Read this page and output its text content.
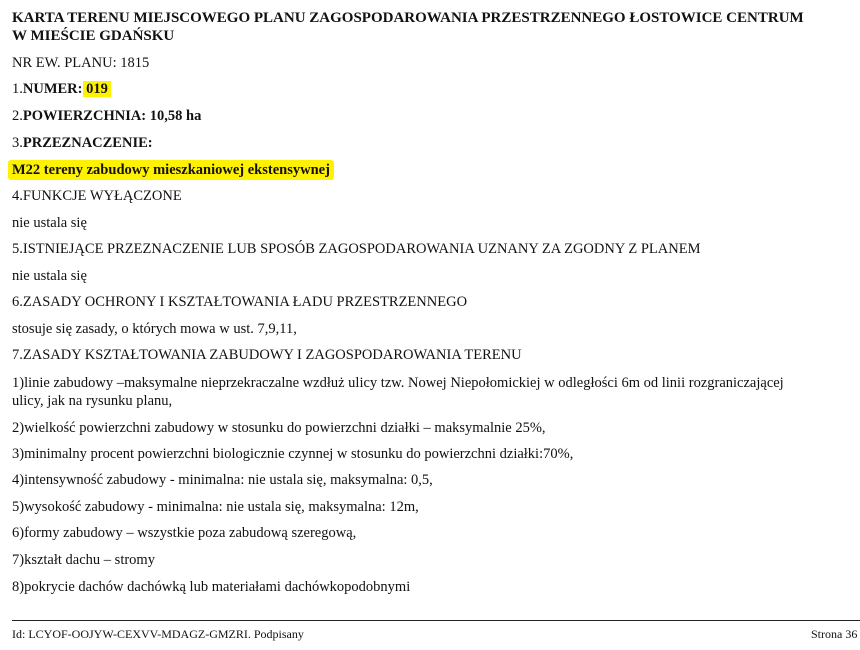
KARTA TERENU MIEJSCOWEGO PLANU ZAGOSPODAROWANIA PRZESTRZENNEGO ŁOSTOWICE CENTRUM
W MIEŚCIE GDAŃSKU
NR EW. PLANU: 1815
1.NUMER: 019
2.POWIERZCHNIA: 10,58 ha
3.PRZEZNACZENIE:
M22 tereny zabudowy mieszkaniowej ekstensywnej
4.FUNKCJE WYŁĄCZONE
nie ustala się
5.ISTNIEJĄCE PRZEZNACZENIE LUB SPOSÓB ZAGOSPODAROWANIA UZNANY ZA ZGODNY Z PLANEM
nie ustala się
6.ZASADY OCHRONY I KSZTAŁTOWANIA ŁADU PRZESTRZENNEGO
stosuje się zasady, o których mowa w ust. 7,9,11,
7.ZASADY KSZTAŁTOWANIA ZABUDOWY I ZAGOSPODAROWANIA TERENU
1)linie zabudowy –maksymalne nieprzekraczalne wzdłuż ulicy tzw. Nowej Niepołomickiej w odległości 6m od linii rozgraniczającej
ulicy, jak na rysunku planu,
2)wielkość powierzchni zabudowy w stosunku do powierzchni działki – maksymalnie 25%,
3)minimalny procent powierzchni biologicznie czynnej w stosunku do powierzchni działki:70%,
4)intensywność zabudowy - minimalna: nie ustala się, maksymalna: 0,5,
5)wysokość zabudowy - minimalna: nie ustala się, maksymalna: 12m,
6)formy zabudowy – wszystkie poza zabudową szeregową,
7)kształt dachu – stromy
8)pokrycie dachów dachówką lub materiałami dachówkopodobnymi
Id: LCYOF-OOJYW-CEXVV-MDAGZ-GMZRI. Podpisany	Strona 36
